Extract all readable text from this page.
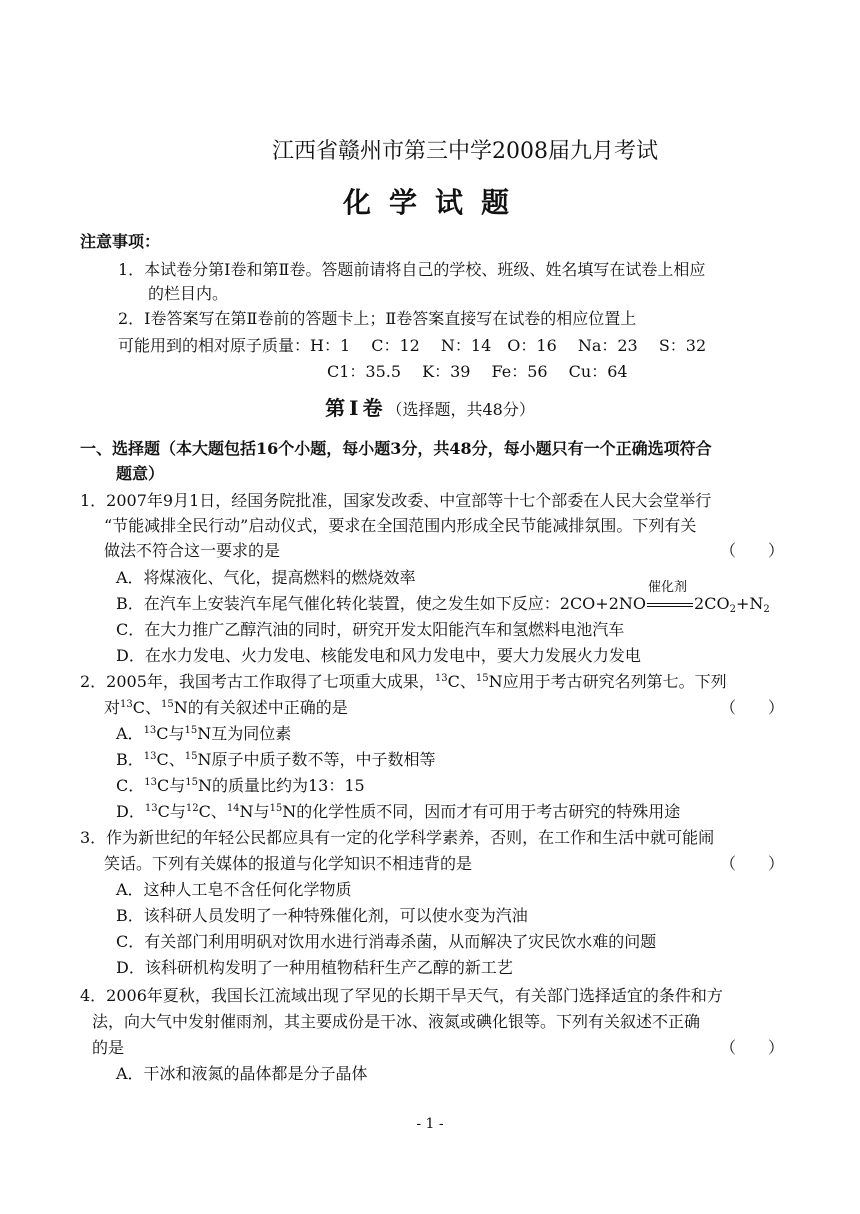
江西省赣州市第三中学2008届九月考试
化学试题
注意事项：
1．本试卷分第Ⅰ卷和第Ⅱ卷。答题前请将自己的学校、班级、姓名填写在试卷上相应
的栏目内。
2．Ⅰ卷答案写在第Ⅱ卷前的答题卡上；Ⅱ卷答案直接写在试卷的相应位置上
可能用到的相对原子质量：H：1　 C：12　 N：14　O：16　 Na：23　 S：32
C1：35.5　 K：39　 Fe：56　 Cu：64
第Ⅰ卷（选择题，共48分）
一、选择题（本大题包括16个小题，每小题3分，共48分，每小题只有一个正确选项符合
题意）
1．2007年9月1日，经国务院批准，国家发改委、中宣部等十七个部委在人民大会堂举行
“节能减排全民行动”启动仪式，要求在全国范围内形成全民节能减排氛围。下列有关
做法不符合这一要求的是	（　　）
A．将煤液化、气化，提高燃料的燃烧效率
B．在汽车上安装汽车尾气催化转化装置，使之发生如下反应：2CO+2NO
催化剂
$2CO_2+N_2$
C．在大力推广乙醇汽油的同时，研究开发太阳能汽车和氢燃料电池汽车
D．在水力发电、火力发电、核能发电和风力发电中，要大力发展火力发电
2．2005年，我国考古工作取得了七项重大成果，$^{13}$C、$^{15}$N应用于考古研究名列第七。下列
对$^{13}$C、$^{15}$N的有关叙述中正确的是	（　　）
A．$^{13}$C与$^{15}$N互为同位素
B．$^{13}$C、$^{15}$N原子中质子数不等，中子数相等
C．$^{13}$C与$^{15}$N的质量比约为13：15
D．$^{13}$C与$^{12}$C、$^{14}$N与$^{15}$N的化学性质不同，因而才有可用于考古研究的特殊用途
3．作为新世纪的年轻公民都应具有一定的化学科学素养，否则，在工作和生活中就可能闹
笑话。下列有关媒体的报道与化学知识不相违背的是	（　　）
A．这种人工皂不含任何化学物质
B．该科研人员发明了一种特殊催化剂，可以使水变为汽油
C．有关部门利用明矾对饮用水进行消毒杀菌，从而解决了灾民饮水难的问题
D．该科研机构发明了一种用植物秸秆生产乙醇的新工艺
4．2006年夏秋，我国长江流域出现了罕见的长期干旱天气，有关部门选择适宜的条件和方
法，向大气中发射催雨剂，其主要成份是干冰、液氮或碘化银等。下列有关叙述不正确
的是	（　　）
A．干冰和液氮的晶体都是分子晶体
- 1 -
